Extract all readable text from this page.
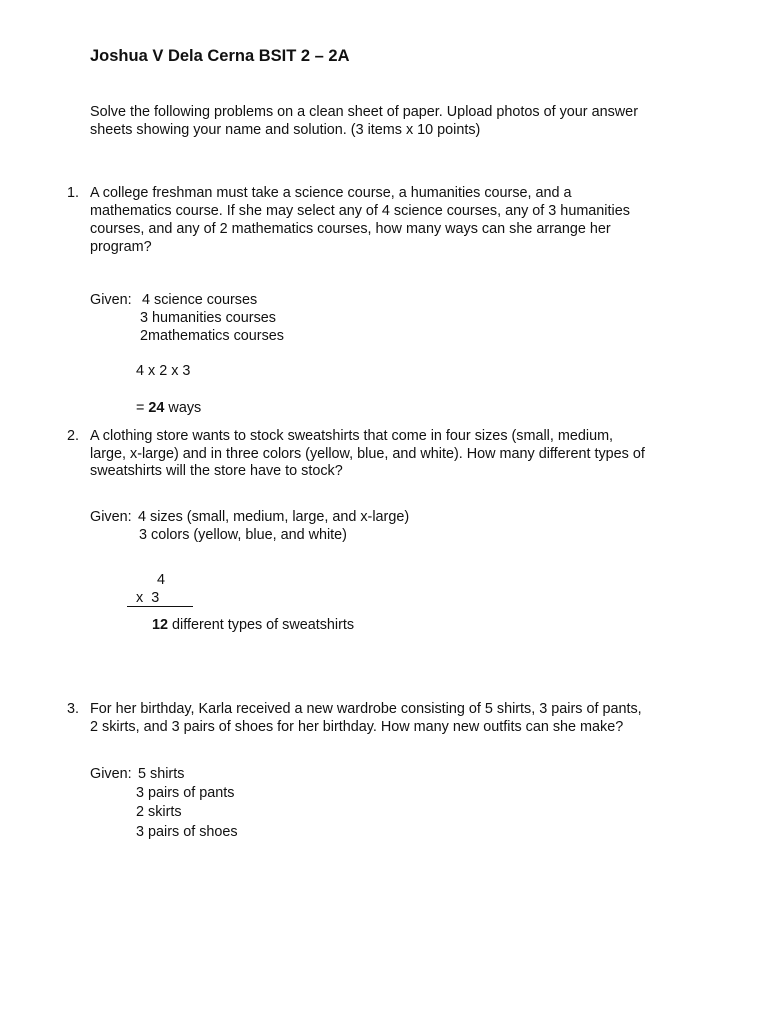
Joshua V Dela Cerna BSIT 2 – 2A
Solve the following problems on a clean sheet of paper. Upload photos of your answer
sheets showing your name and solution. (3 items x 10 points)
1. A college freshman must take a science course, a humanities course, and a
mathematics course. If she may select any of 4 science courses, any of 3 humanities
courses, and any of 2 mathematics courses, how many ways can she arrange her
program?
Given: 4 science courses
3 humanities courses
2mathematics courses
4 x 2 x 3
= 24 ways
2. A clothing store wants to stock sweatshirts that come in four sizes (small, medium,
large, x-large) and in three colors (yellow, blue, and white). How many different types of
sweatshirts will the store have to stock?
Given: 4 sizes (small, medium, large, and x-large)
3 colors (yellow, blue, and white)
4
x  3
12 different types of sweatshirts
3. For her birthday, Karla received a new wardrobe consisting of 5 shirts, 3 pairs of pants,
2 skirts, and 3 pairs of shoes for her birthday. How many new outfits can she make?
Given: 5 shirts
3 pairs of pants
2 skirts
3 pairs of shoes
